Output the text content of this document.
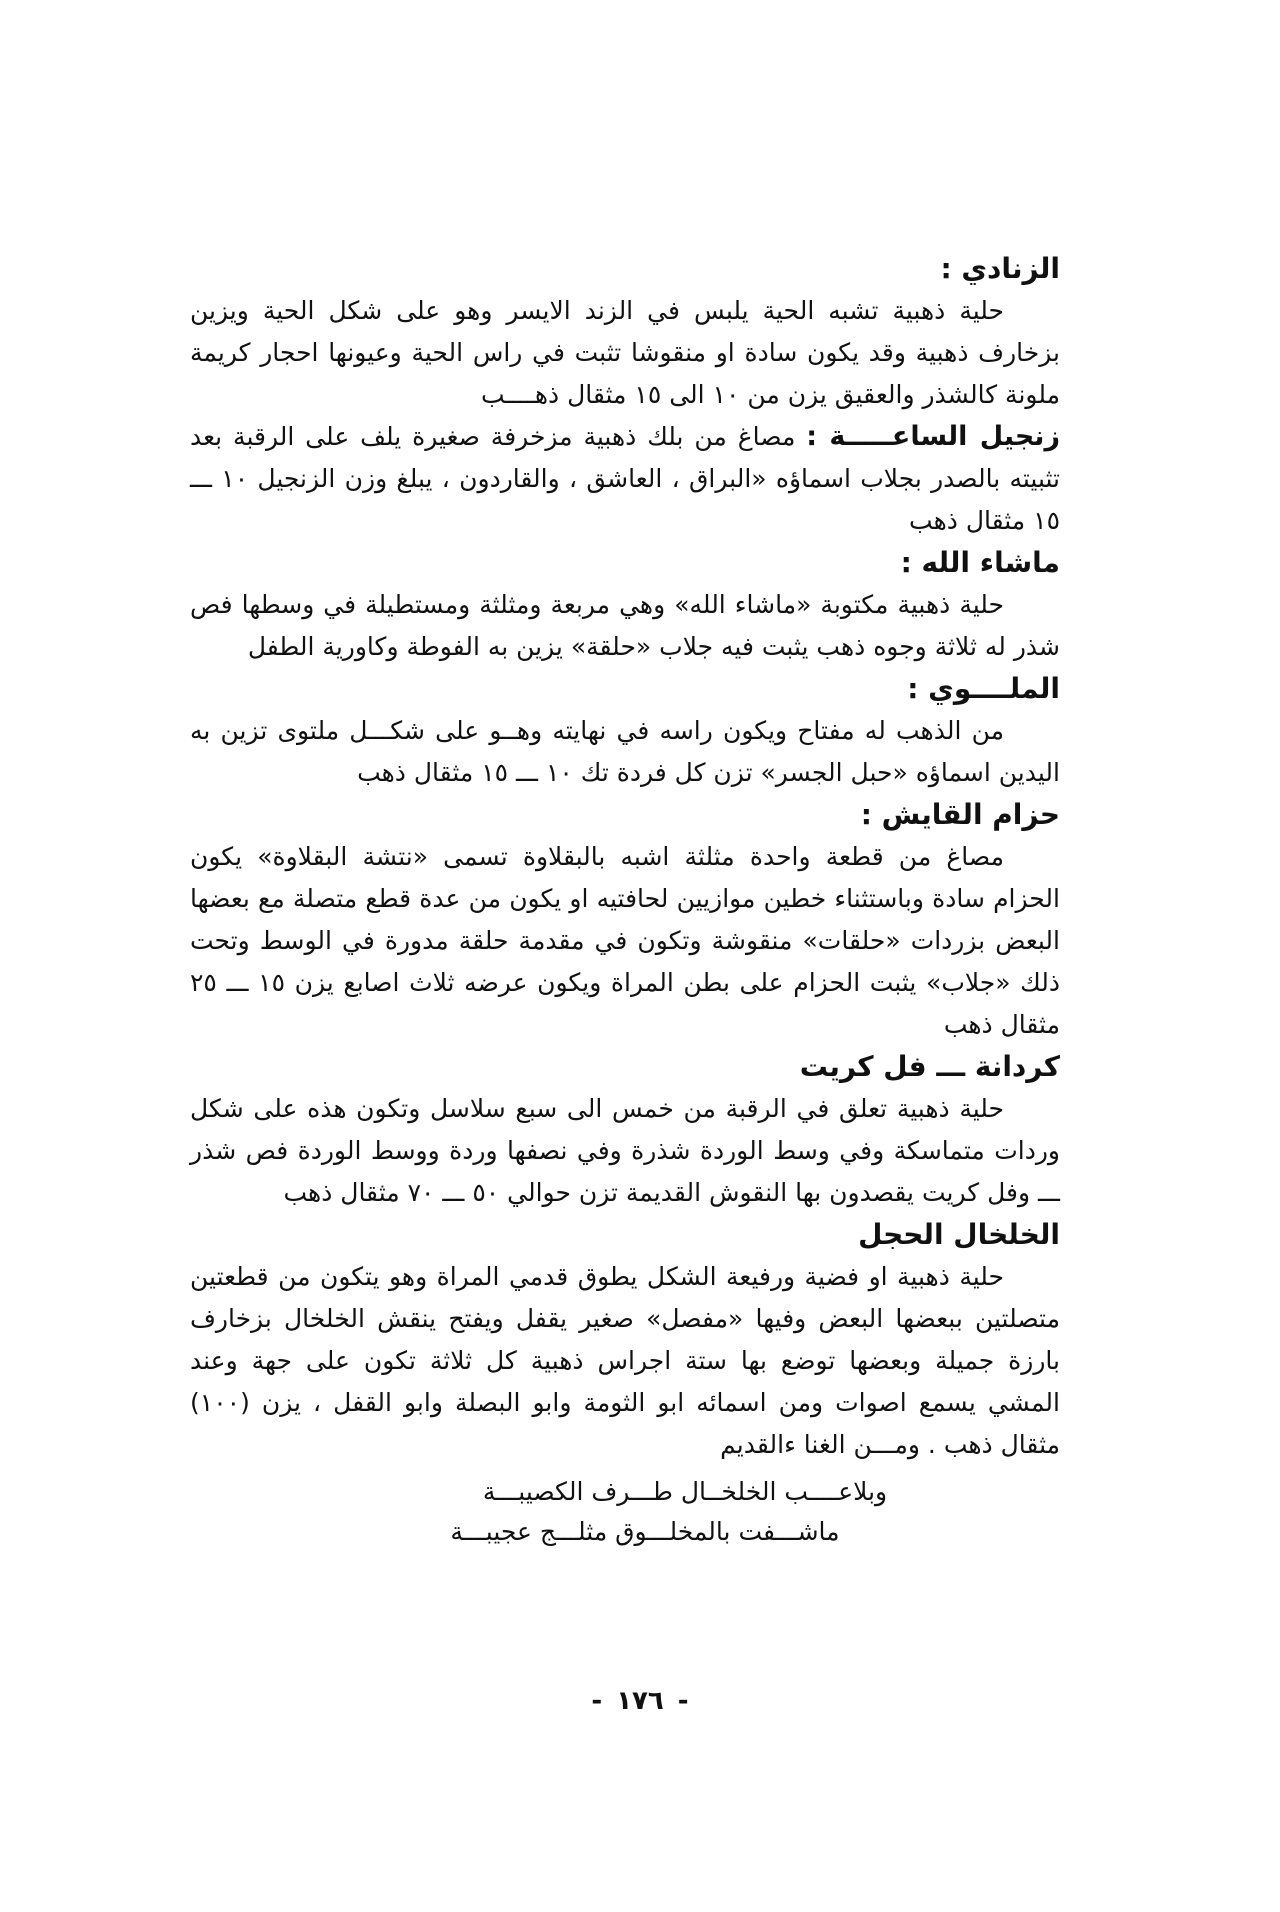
الزنادي :

حلية ذهبية تشبه الحية يلبس في الزند الايسر وهو على شكل الحية ويزين بزخارف ذهبية وقد يكون سادة او منقوشا تثبت في راس الحية وعيونها احجار كريمة ملونة كالشذر والعقيق يزن من ١٠ الى ١٥ مثقال ذهــــب

زنجيل الساعـــــة : مصاغ من بلك ذهبية مزخرفة صغيرة يلف على الرقبة بعد تثبيته بالصدر بجلاب اسماؤه «البراق ، العاشق ، والقاردون ، يبلغ وزن الزنجيل ١٠ ـــ ١٥ مثقال ذهب

ماشاء الله :

حلية ذهبية مكتوبة «ماشاء الله» وهي مربعة ومثلثة ومستطيلة في وسطها فص شذر له ثلاثة وجوه ذهب يثبت فيه جلاب «حلقة» يزين به الفوطة وكاورية الطفل

الملــــوي :

من الذهب له مفتاح ويكون راسه في نهايته وهــو على شكـــل ملتوى تزين به اليدين اسماؤه «حبل الجسر» تزن كل فردة تك ١٠ ـــ ١٥ مثقال ذهب

حزام القايش :

مصاغ من قطعة واحدة مثلثة اشبه بالبقلاوة تسمى «نتشة البقلاوة» يكون الحزام سادة وباستثناء خطين موازيين لحافتيه او يكون من عدة قطع متصلة مع بعضها البعض بزردات «حلقات» منقوشة وتكون في مقدمة حلقة مدورة في الوسط وتحت ذلك «جلاب» يثبت الحزام على بطن المراة ويكون عرضه ثلاث اصابع يزن ١٥ ـــ ٢٥ مثقال ذهب

كردانة ـــ فل كريت

حلية ذهبية تعلق في الرقبة من خمس الى سبع سلاسل وتكون هذه على شكل وردات متماسكة وفي وسط الوردة شذرة وفي نصفها وردة ووسط الوردة فص شذر ـــ وفل كريت يقصدون بها النقوش القديمة تزن حوالي ٥٠ ـــ ٧٠ مثقال ذهب

الخلخال الحجل

حلية ذهبية او فضية ورفيعة الشكل يطوق قدمي المراة وهو يتكون من قطعتين متصلتين ببعضها البعض وفيها «مفصل» صغير يقفل ويفتح ينقش الخلخال بزخارف بارزة جميلة وبعضها توضع بها ستة اجراس ذهبية كل ثلاثة تكون على جهة وعند المشي يسمع اصوات ومن اسمائه ابو الثومة وابو البصلة وابو القفل ، يزن (١٠٠) مثقال ذهب . ومـــن الغنا ءالقديم

وبلاعــــب الخلخــال طـــرف الكصيبـــة
ماشـــفت بالمخلـــوق مثلـــج عجيبـــة
-١٧٦-
